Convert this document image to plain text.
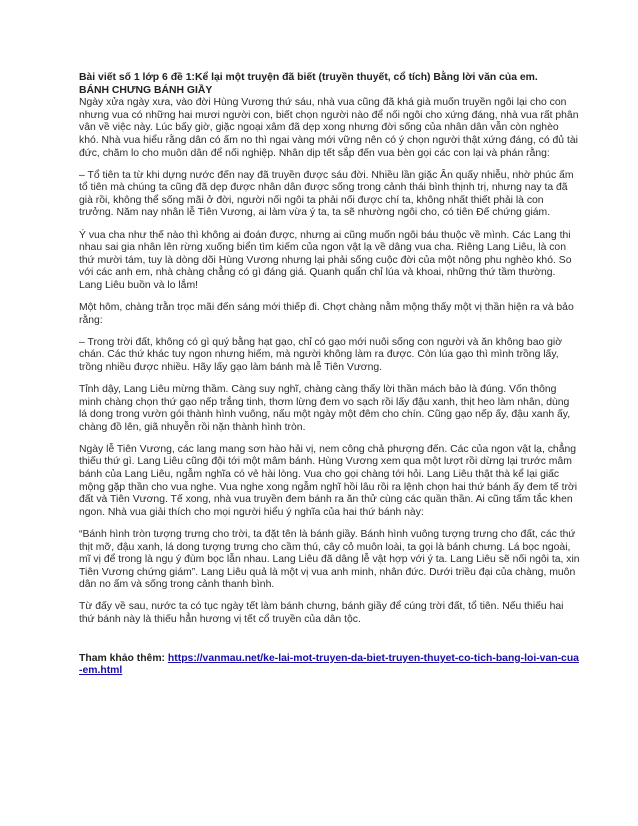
Bài viết số 1 lớp 6 đề 1:Kể lại một truyện đã biết (truyền thuyết, cổ tích) Bằng lời văn của em.

BÁNH CHƯNG BÁNH GIẦY

Ngày xửa ngày xưa, vào đời Hùng Vương thứ sáu, nhà vua cũng đã khá già muốn truyền ngôi lại cho con nhưng vua có những hai mươi người con, biết chọn người nào để nối ngôi cho xứng đáng, nhà vua rất phân vân về việc này. Lúc bấy giờ, giặc ngoại xâm đã dẹp xong nhưng đời sống của nhân dân vẫn còn nghèo khó. Nhà vua hiểu rằng dân có ấm no thì ngai vàng mới vững nên có ý chọn người thật xứng đáng, có đủ tài đức, chăm lo cho muôn dân để nối nghiệp. Nhân dịp tết sắp đến vua bèn gọi các con lại và phán rằng:

– Tổ tiên ta từ khi dựng nước đến nay đã truyền được sáu đời. Nhiều lần giặc Ân quấy nhiễu, nhờ phúc ấm tổ tiên mà chúng ta cũng đã dẹp được nhân dân được sống trong cảnh thái bình thịnh trị, nhưng nay ta đã già rồi, không thể sống mãi ở đời, người nối ngôi ta phải nối được chí ta, không nhất thiết phải là con trưởng. Năm nay nhân lễ Tiên Vương, ai làm vừa ý ta, ta sẽ nhường ngôi cho, có tiên Đế chứng giám.

Ý vua cha như thế nào thì không ai đoán được, nhưng ai cũng muốn ngôi báu thuộc về mình. Các Lang thi nhau sai gia nhân lên rừng xuống biển tìm kiếm của ngon vật lạ về dâng vua cha. Riêng Lang Liêu, là con thứ mười tám, tuy là dòng dõi Hùng Vương nhưng lại phải sống cuộc đời của một nông phu nghèo khó. So với các anh em, nhà chàng chẳng có gì đáng giá. Quanh quẩn chỉ lúa và khoai, những thứ tầm thường. Lang Liêu buồn và lo lắm!

Một hôm, chàng trằn trọc mãi đến sáng mới thiếp đi. Chợt chàng nằm mộng thấy một vị thần hiện ra và bảo rằng:

– Trong trời đất, không có gì quý bằng hạt gạo, chỉ có gạo mới nuôi sống con người và ăn không bao giờ chán. Các thứ khác tuy ngon nhưng hiếm, mà người không làm ra được. Còn lúa gạo thì mình trồng lấy, trồng nhiều được nhiều. Hãy lấy gạo làm bánh mà lễ Tiên Vương.

Tỉnh dậy, Lang Liêu mừng thầm. Càng suy nghĩ, chàng càng thấy lời thần mách bảo là đúng. Vốn thông minh chàng chọn thứ gạo nếp trắng tinh, thơm lừng đem vo sạch rồi lấy đậu xanh, thịt heo làm nhân, dùng lá dong trong vườn gói thành hình vuông, nấu một ngày một đêm cho chín. Cũng gạo nếp ấy, đậu xanh ấy, chàng đồ lên, giã nhuyễn rồi nặn thành hình tròn.

Ngày lễ Tiên Vương, các lang mang sơn hào hải vị, nem công chả phượng đến. Các của ngon vật lạ, chẳng thiếu thứ gì. Lang Liêu cũng đội tới một mâm bánh. Hùng Vương xem qua một lượt rồi dừng lại trước mâm bánh của Lang Liêu, ngẫm nghĩa có vẻ hài lòng. Vua cho gọi chàng tới hỏi. Lang Liêu thật thà kể lại giấc mộng gặp thần cho vua nghe. Vua nghe xong ngẫm nghĩ hồi lâu rồi ra lệnh chọn hai thứ bánh ấy đem tế trời đất và Tiên Vương. Tế xong, nhà vua truyền đem bánh ra ăn thử cùng các quần thần. Ai cũng tấm tắc khen ngon. Nhà vua giải thích cho mọi người hiểu ý nghĩa của hai thứ bánh này:

“Bánh hình tròn tượng trưng cho trời, ta đặt tên là bánh giầy. Bánh hình vuông tượng trưng cho đất, các thứ thịt mỡ, đậu xanh, lá dong tượng trưng cho cầm thú, cây cỏ muôn loài, ta gọi là bánh chưng. Lá bọc ngoài, mĩ vị để trong là ngụ ý đùm bọc lẫn nhau. Lang Liêu đã dâng lễ vật hợp với ý ta. Lang Liêu sẽ nối ngôi ta, xin Tiên Vương chứng giám”. Lang Liêu quả là một vị vua anh minh, nhân đức. Dưới triều đại của chàng, muôn dân no ấm và sống trong cảnh thanh bình.

Từ đấy về sau, nước ta có tục ngày tết làm bánh chưng, bánh giầy để cúng trời đất, tổ tiên. Nếu thiếu hai thứ bánh này là thiếu hẳn hương vị tết cổ truyền của dân tộc.

Tham khảo thêm: https://vanmau.net/ke-lai-mot-truyen-da-biet-truyen-thuyet-co-tich-bang-loi-van-cua-em.html
